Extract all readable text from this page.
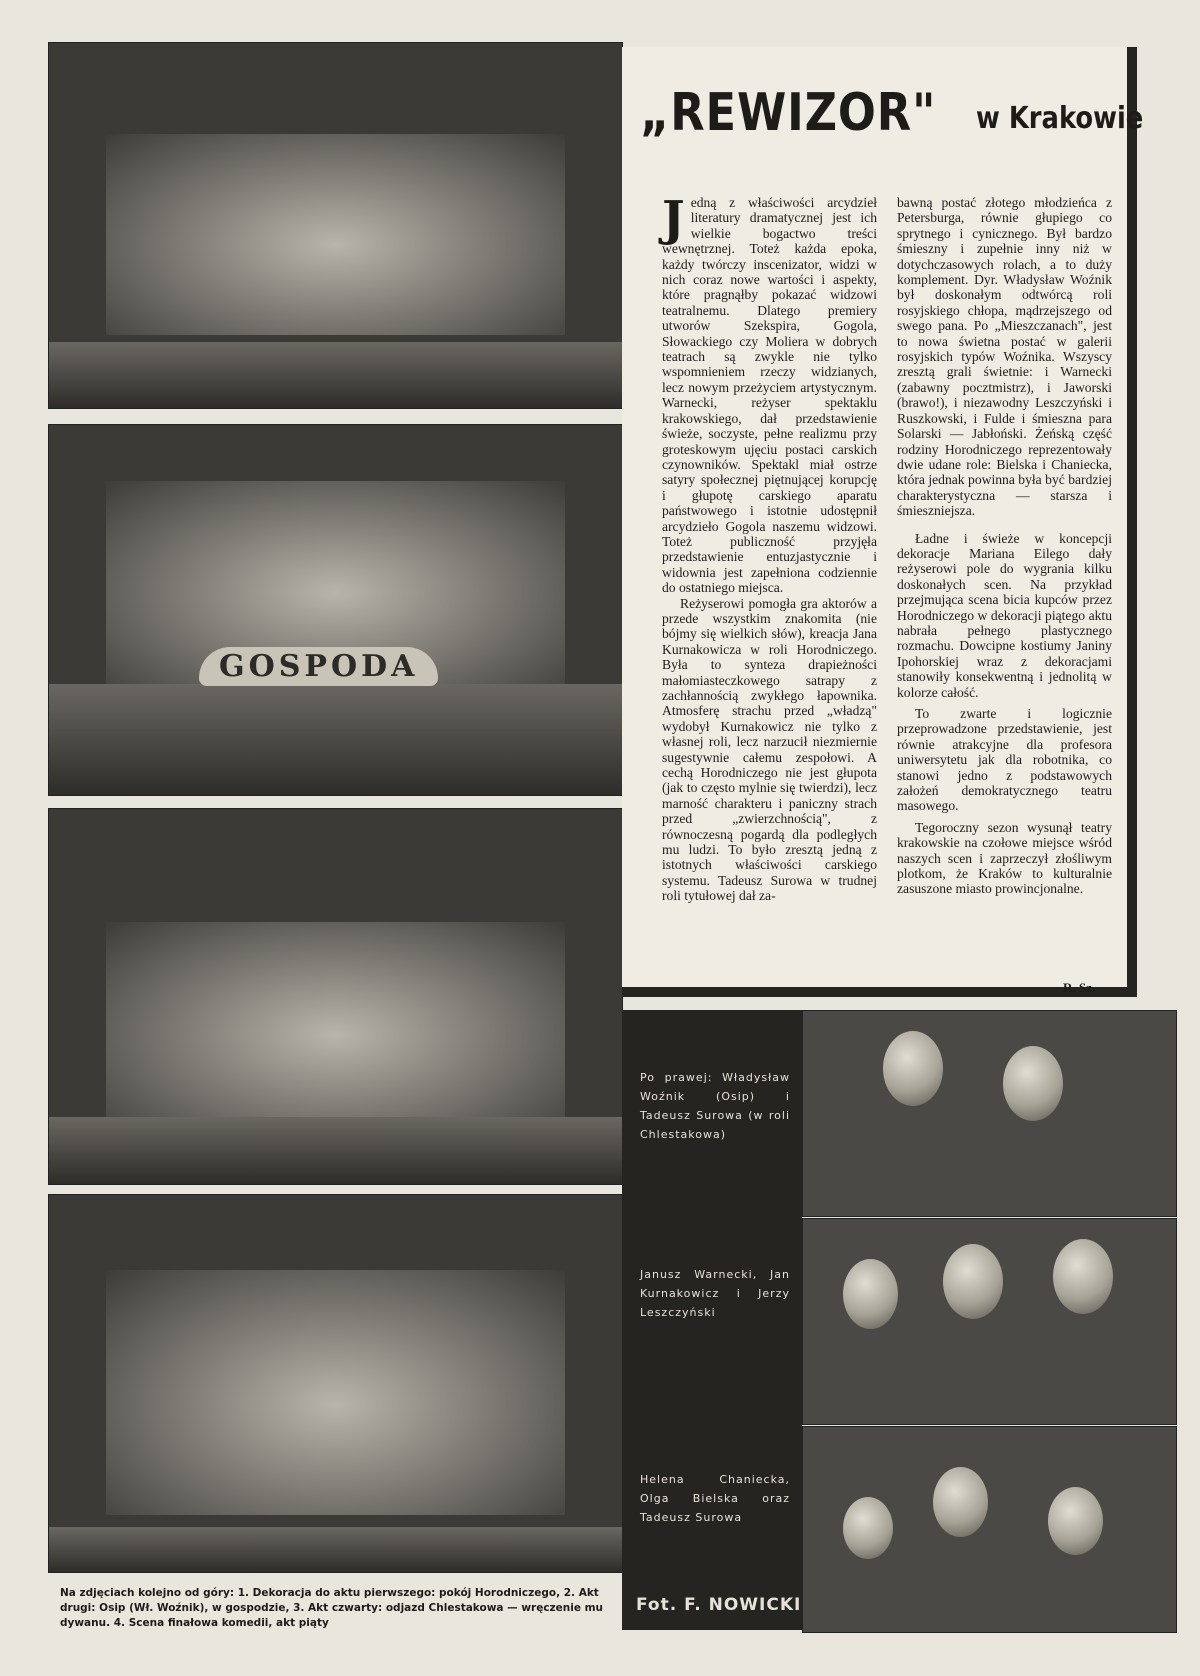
GOSPODA
„REWIZOR" w Krakowie

Jedną z właściwości arcydzieł literatury dramatycznej jest ich wielkie bogactwo treści wewnętrznej. Toteż każda epoka, każdy twórczy inscenizator, widzi w nich coraz nowe wartości i aspekty, które pragnąłby pokazać widzowi teatralnemu. Dlatego premiery utworów Szekspira, Gogola, Słowackiego czy Moliera w dobrych teatrach są zwykle nie tylko wspomnieniem rzeczy widzianych, lecz nowym przeżyciem artystycznym. Warnecki, reżyser spektaklu krakowskiego, dał przedstawienie świeże, soczyste, pełne realizmu przy groteskowym ujęciu postaci carskich czynowników. Spektakl miał ostrze satyry społecznej piętnującej korupcję i głupotę carskiego aparatu państwowego i istotnie udostępnił arcydzieło Gogola naszemu widzowi. Toteż publiczność przyjęła przedstawienie entuzjastycznie i widownia jest zapełniona codziennie do ostatniego miejsca.

Reżyserowi pomogła gra aktorów a przede wszystkim znakomita (nie bójmy się wielkich słów), kreacja Jana Kurnakowicza w roli Horodniczego. Była to synteza drapieżności małomiasteczkowego satrapy z zachłannością zwykłego łapownika. Atmosferę strachu przed „władzą" wydobył Kurnakowicz nie tylko z własnej roli, lecz narzucił niezmiernie sugestywnie całemu zespołowi. A cechą Horodniczego nie jest głupota (jak to często mylnie się twierdzi), lecz marność charakteru i paniczny strach przed „zwierzchnością", z równoczesną pogardą dla podległych mu ludzi. To było zresztą jedną z istotnych właściwości carskiego systemu. Tadeusz Surowa w trudnej roli tytułowej dał za-

bawną postać złotego młodzieńca z Petersburga, równie głupiego co sprytnego i cynicznego. Był bardzo śmieszny i zupełnie inny niż w dotychczasowych rolach, a to duży komplement. Dyr. Władysław Woźnik był doskonałym odtwórcą roli rosyjskiego chłopa, mądrzejszego od swego pana. Po „Mieszczanach", jest to nowa świetna postać w galerii rosyjskich typów Woźnika. Wszyscy zresztą grali świetnie: i Warnecki (zabawny pocztmistrz), i Jaworski (brawo!), i niezawodny Leszczyński i Ruszkowski, i Fulde i śmieszna para Solarski — Jabłoński. Żeńską część rodziny Horodniczego reprezentowały dwie udane role: Bielska i Chaniecka, która jednak powinna była być bardziej charakterystyczna — starsza i śmieszniejsza.

Ładne i świeże w koncepcji dekoracje Mariana Eilego dały reżyserowi pole do wygrania kilku doskonałych scen. Na przykład przejmująca scena bicia kupców przez Horodniczego w dekoracji piątego aktu nabrała pełnego plastycznego rozmachu. Dowcipne kostiumy Janiny Ipohorskiej wraz z dekoracjami stanowiły konsekwentną i jednolitą w kolorze całość.

To zwarte i logicznie przeprowadzone przedstawienie, jest równie atrakcyjne dla profesora uniwersytetu jak dla robotnika, co stanowi jedno z podstawowych założeń demokratycznego teatru masowego.

Tegoroczny sezon wysunął teatry krakowskie na czołowe miejsce wśród naszych scen i zaprzeczył złośliwym plotkom, że Kraków to kulturalnie zasuszone miasto prowincjonalne.

R. Sz.
Po prawej: Władysław Woźnik (Osip) i Tadeusz Surowa (w roli Chlestakowa)
Janusz Warnecki, Jan Kurnakowicz i Jerzy Leszczyński
Helena Chaniecka, Olga Bielska oraz Tadeusz Surowa
Fot. F. NOWICKI
Na zdjęciach kolejno od góry: 1. Dekoracja do aktu pierwszego: pokój Horodniczego, 2. Akt drugi: Osip (Wł. Woźnik), w gospodzie, 3. Akt czwarty: odjazd Chlestakowa — wręczenie mu dywanu. 4. Scena finałowa komedii, akt piąty
